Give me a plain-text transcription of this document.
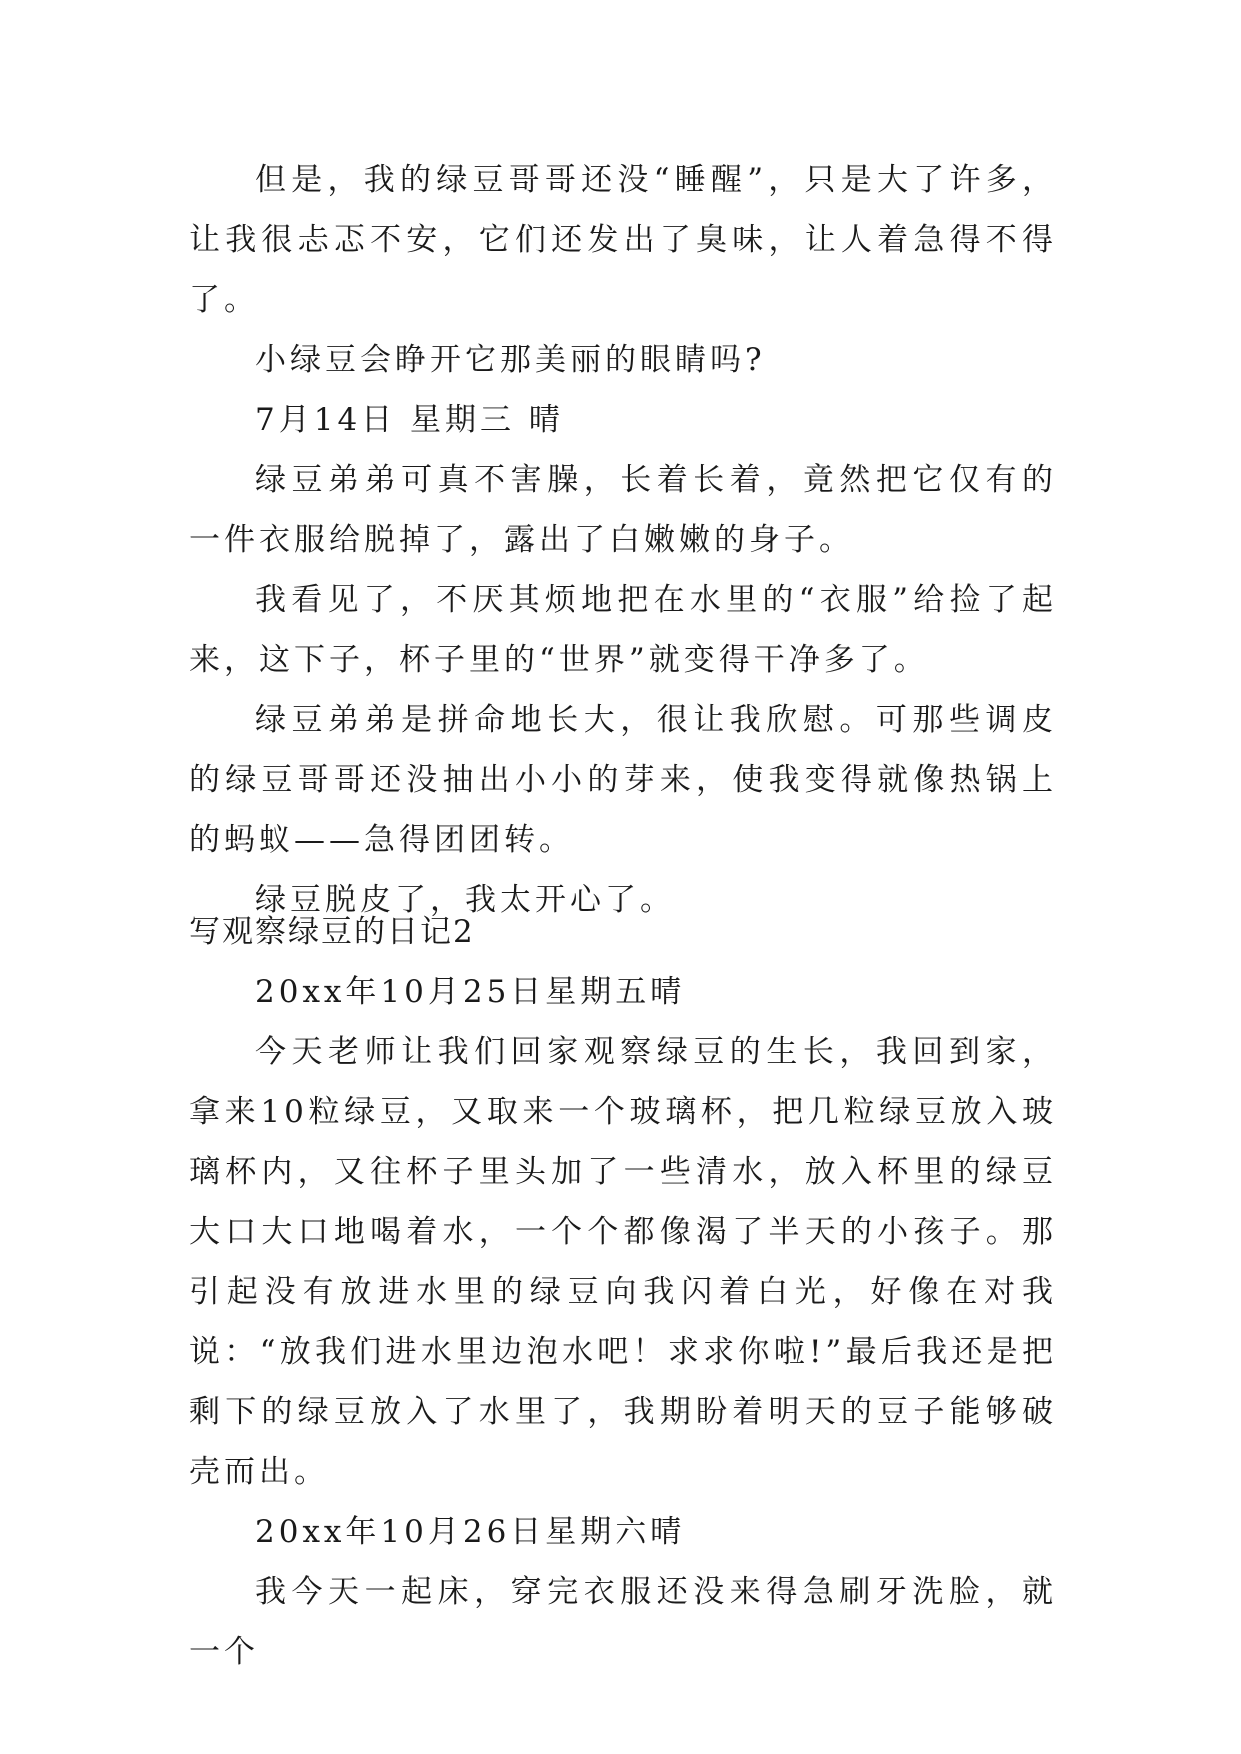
但是，我的绿豆哥哥还没“睡醒”，只是大了许多，让我很忐忑不安，它们还发出了臭味，让人着急得不得了。

小绿豆会睁开它那美丽的眼睛吗?

7月14日 星期三 晴

绿豆弟弟可真不害臊，长着长着，竟然把它仅有的一件衣服给脱掉了，露出了白嫩嫩的身子。

我看见了，不厌其烦地把在水里的“衣服”给捡了起来，这下子，杯子里的“世界”就变得干净多了。

绿豆弟弟是拼命地长大，很让我欣慰。可那些调皮的绿豆哥哥还没抽出小小的芽来，使我变得就像热锅上的蚂蚁——急得团团转。

绿豆脱皮了，我太开心了。

写观察绿豆的日记2

20xx年10月25日星期五晴

今天老师让我们回家观察绿豆的生长，我回到家，拿来10粒绿豆，又取来一个玻璃杯，把几粒绿豆放入玻璃杯内，又往杯子里头加了一些清水，放入杯里的绿豆大口大口地喝着水，一个个都像渴了半天的小孩子。那引起没有放进水里的绿豆向我闪着白光，好像在对我说：“放我们进水里边泡水吧！求求你啦!”最后我还是把剩下的绿豆放入了水里了，我期盼着明天的豆子能够破壳而出。

20xx年10月26日星期六晴

我今天一起床，穿完衣服还没来得急刷牙洗脸，就一个
